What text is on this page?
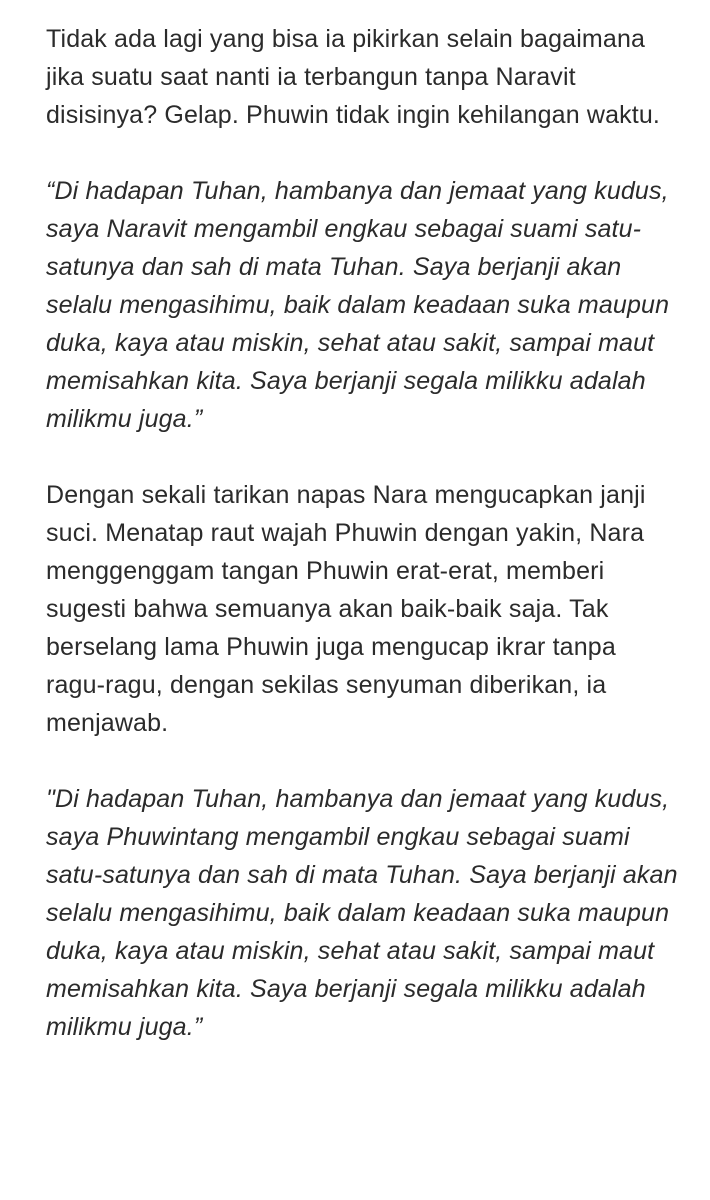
Tidak ada lagi yang bisa ia pikirkan selain bagaimana jika suatu saat nanti ia terbangun tanpa Naravit disisinya? Gelap. Phuwin tidak ingin kehilangan waktu.

“Di hadapan Tuhan, hambanya dan jemaat yang kudus, saya Naravit mengambil engkau sebagai suami satu-satunya dan sah di mata Tuhan. Saya berjanji akan selalu mengasihimu, baik dalam keadaan suka maupun duka, kaya atau miskin, sehat atau sakit, sampai maut memisahkan kita. Saya berjanji segala milikku adalah milikmu juga.”

Dengan sekali tarikan napas Nara mengucapkan janji suci. Menatap raut wajah Phuwin dengan yakin, Nara menggenggam tangan Phuwin erat-erat, memberi sugesti bahwa semuanya akan baik-baik saja. Tak berselang lama Phuwin juga mengucap ikrar tanpa ragu-ragu, dengan sekilas senyuman diberikan, ia menjawab.

"Di hadapan Tuhan, hambanya dan jemaat yang kudus, saya Phuwintang mengambil engkau sebagai suami satu-satunya dan sah di mata Tuhan. Saya berjanji akan selalu mengasihimu, baik dalam keadaan suka maupun duka, kaya atau miskin, sehat atau sakit, sampai maut memisahkan kita. Saya berjanji segala milikku adalah milikmu juga.”
